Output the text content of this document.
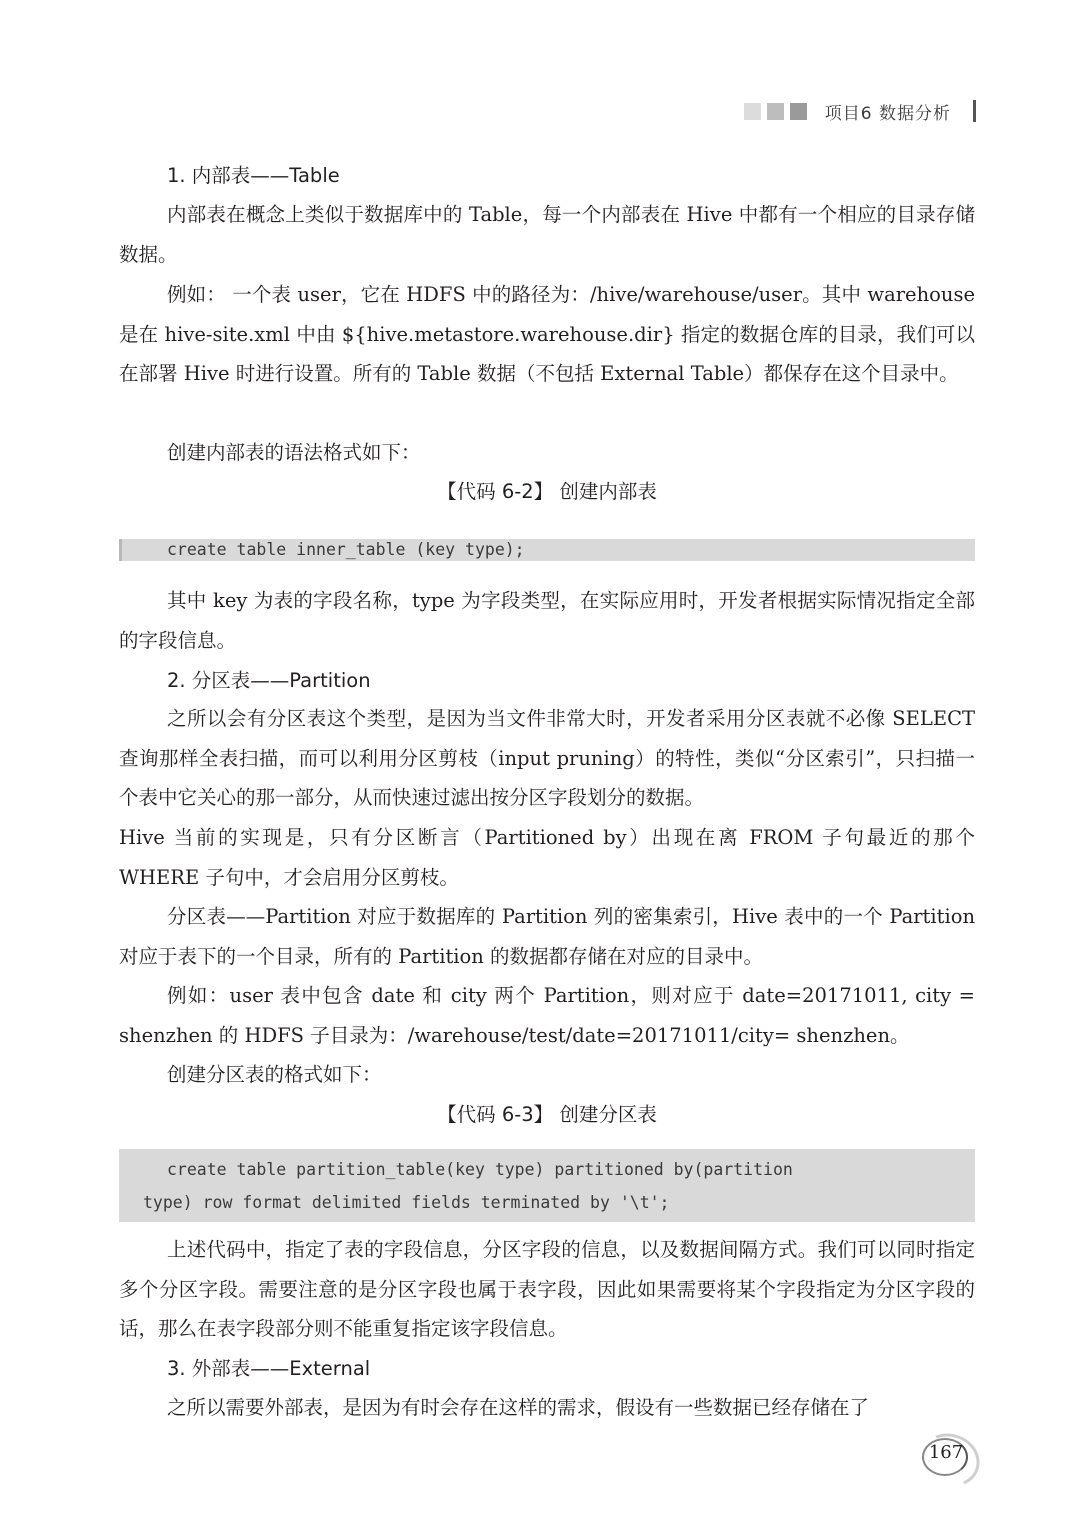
项目6 数据分析
1. 内部表——Table

内部表在概念上类似于数据库中的 Table，每一个内部表在 Hive 中都有一个相应的目录存储数据。

例如： 一个表 user，它在 HDFS 中的路径为：/hive/warehouse/user。其中 warehouse 是在 hive-site.xml 中由 ${hive.metastore.warehouse.dir} 指定的数据仓库的目录，我们可以在部署 Hive 时进行设置。所有的 Table 数据（不包括 External Table）都保存在这个目录中。

创建内部表的语法格式如下：

【代码 6-2】 创建内部表
create table inner_table (key type);

其中 key 为表的字段名称，type 为字段类型，在实际应用时，开发者根据实际情况指定全部的字段信息。

2. 分区表——Partition

之所以会有分区表这个类型，是因为当文件非常大时，开发者采用分区表就不必像 SELECT 查询那样全表扫描，而可以利用分区剪枝（input pruning）的特性，类似“分区索引”，只扫描一个表中它关心的那一部分，从而快速过滤出按分区字段划分的数据。

Hive 当前的实现是，只有分区断言（Partitioned by）出现在离 FROM 子句最近的那个 WHERE 子句中，才会启用分区剪枝。

分区表——Partition 对应于数据库的 Partition 列的密集索引，Hive 表中的一个 Partition 对应于表下的一个目录，所有的 Partition 的数据都存储在对应的目录中。

例如：user 表中包含 date 和 city 两个 Partition，则对应于 date=20171011, city = shenzhen 的 HDFS 子目录为：/warehouse/test/date=20171011/city= shenzhen。

创建分区表的格式如下：

【代码 6-3】 创建分区表
create table partition_table(key type) partitioned by(partition
type) row format delimited fields terminated by '\t';

上述代码中，指定了表的字段信息，分区字段的信息，以及数据间隔方式。我们可以同时指定多个分区字段。需要注意的是分区字段也属于表字段，因此如果需要将某个字段指定为分区字段的话，那么在表字段部分则不能重复指定该字段信息。

3. 外部表——External

之所以需要外部表，是因为有时会存在这样的需求，假设有一些数据已经存储在了

167
